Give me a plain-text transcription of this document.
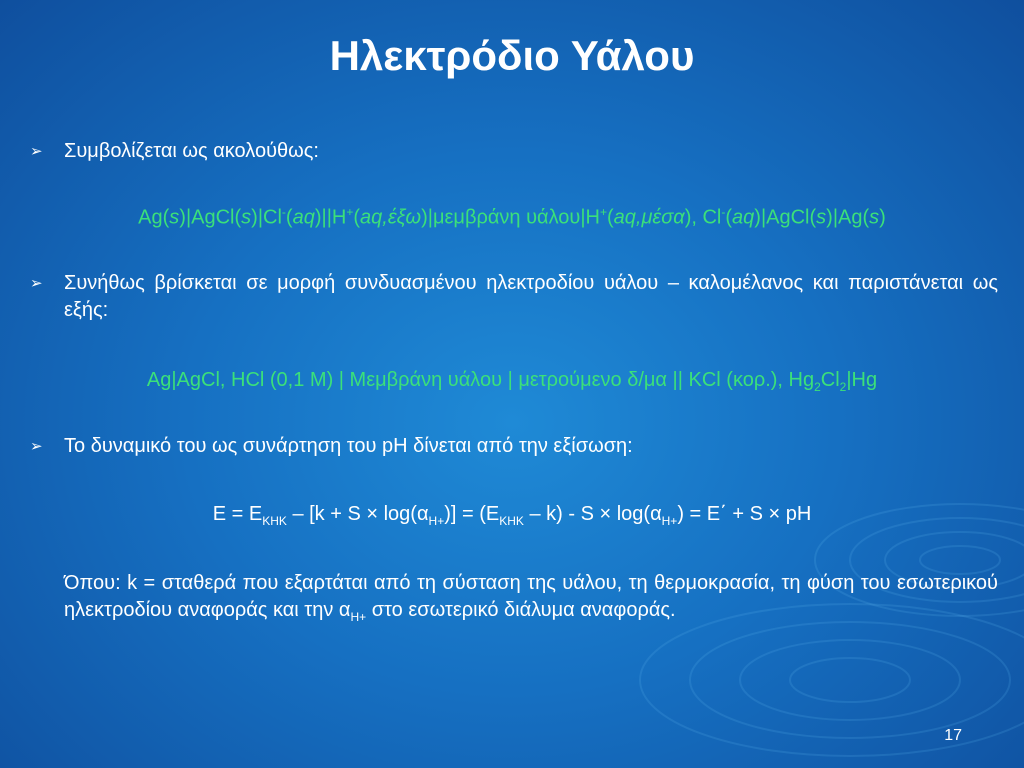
Ηλεκτρόδιο Υάλου
➢ Συμβολίζεται ως ακολούθως:
Ag(s)|AgCl(s)|Cl-(aq)||H+(aq,έξω)|μεμβράνη υάλου|H+(aq,μέσα), Cl-(aq)|AgCl(s)|Ag(s)
➢ Συνήθως βρίσκεται σε μορφή συνδυασμένου ηλεκτροδίου υάλου – καλομέλανος και παριστάνεται ως εξής:
Ag|AgCl, HCl (0,1 M) | Μεμβράνη υάλου | μετρούμενο δ/μα || KCl (κορ.), $Hg_2Cl_2|Hg$
➢ Το δυναμικό του ως συνάρτηση του pH δίνεται από την εξίσωση:
$E = E_{KHK} - [k + S \times \log(\alpha_{H+})] = (E_{KHK} - k) - S \times \log(\alpha_{H+}) = E΄ + S$ × pH
Όπου: k = σταθερά που εξαρτάται από τη σύσταση της υάλου, τη θερμοκρασία, τη φύση του εσωτερικού ηλεκτροδίου αναφοράς και την $\alpha_{H+}$ στο εσωτερικό διάλυμα αναφοράς.
17
